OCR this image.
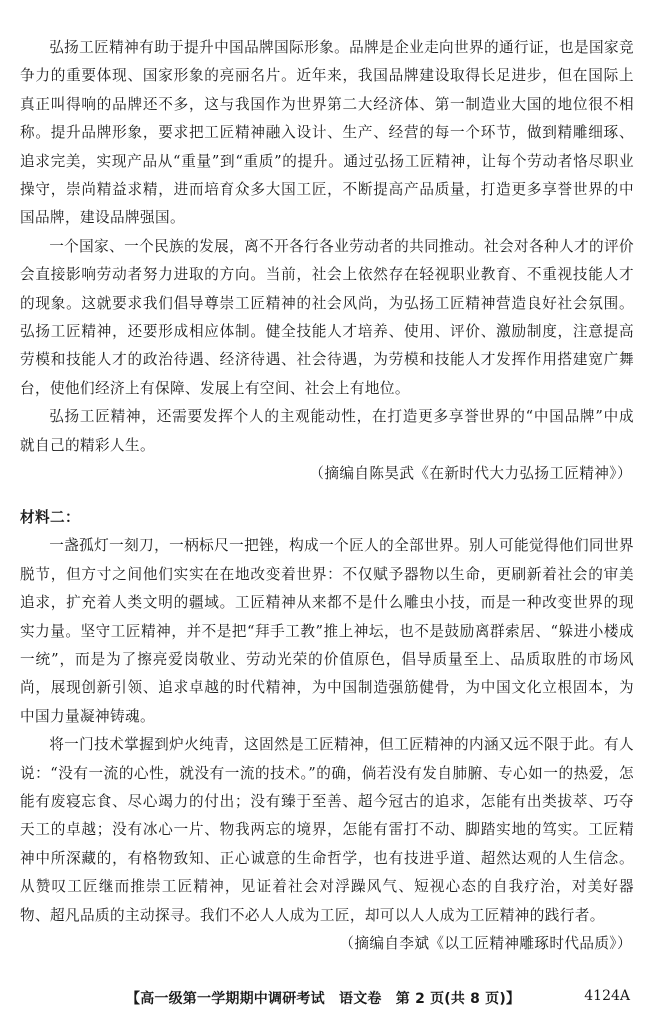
弘扬工匠精神有助于提升中国品牌国际形象。品牌是企业走向世界的通行证，也是国家竞争力的重要体现、国家形象的亮丽名片。近年来，我国品牌建设取得长足进步，但在国际上真正叫得响的品牌还不多，这与我国作为世界第二大经济体、第一制造业大国的地位很不相称。提升品牌形象，要求把工匠精神融入设计、生产、经营的每一个环节，做到精雕细琢、追求完美，实现产品从“重量”到“重质”的提升。通过弘扬工匠精神，让每个劳动者恪尽职业操守，崇尚精益求精，进而培育众多大国工匠，不断提高产品质量，打造更多享誉世界的中国品牌，建设品牌强国。

一个国家、一个民族的发展，离不开各行各业劳动者的共同推动。社会对各种人才的评价会直接影响劳动者努力进取的方向。当前，社会上依然存在轻视职业教育、不重视技能人才的现象。这就要求我们倡导尊崇工匠精神的社会风尚，为弘扬工匠精神营造良好社会氛围。弘扬工匠精神，还要形成相应体制。健全技能人才培养、使用、评价、激励制度，注意提高劳模和技能人才的政治待遇、经济待遇、社会待遇，为劳模和技能人才发挥作用搭建宽广舞台，使他们经济上有保障、发展上有空间、社会上有地位。

弘扬工匠精神，还需要发挥个人的主观能动性，在打造更多享誉世界的“中国品牌”中成就自己的精彩人生。

（摘编自陈昊武《在新时代大力弘扬工匠精神》）

材料二：

一盏孤灯一刻刀，一柄标尺一把锉，构成一个匠人的全部世界。别人可能觉得他们同世界脱节，但方寸之间他们实实在在地改变着世界：不仅赋予器物以生命，更刷新着社会的审美追求，扩充着人类文明的疆域。工匠精神从来都不是什么雕虫小技，而是一种改变世界的现实力量。坚守工匠精神，并不是把“拜手工教”推上神坛，也不是鼓励离群索居、“躲进小楼成一统”，而是为了擦亮爱岗敬业、劳动光荣的价值原色，倡导质量至上、品质取胜的市场风尚，展现创新引领、追求卓越的时代精神，为中国制造强筋健骨，为中国文化立根固本，为中国力量凝神铸魂。

将一门技术掌握到炉火纯青，这固然是工匠精神，但工匠精神的内涵又远不限于此。有人说：“没有一流的心性，就没有一流的技术。”的确，倘若没有发自肺腑、专心如一的热爱，怎能有废寝忘食、尽心竭力的付出；没有臻于至善、超今冠古的追求，怎能有出类拔萃、巧夺天工的卓越；没有冰心一片、物我两忘的境界，怎能有雷打不动、脚踏实地的笃实。工匠精神中所深藏的，有格物致知、正心诚意的生命哲学，也有技进乎道、超然达观的人生信念。从赞叹工匠继而推崇工匠精神，见证着社会对浮躁风气、短视心态的自我疗治，对美好器物、超凡品质的主动探寻。我们不必人人成为工匠，却可以人人成为工匠精神的践行者。

（摘编自李斌《以工匠精神雕琢时代品质》）

【高一级第一学期期中调研考试　语文卷　第 2 页(共 8 页)】	4124A
